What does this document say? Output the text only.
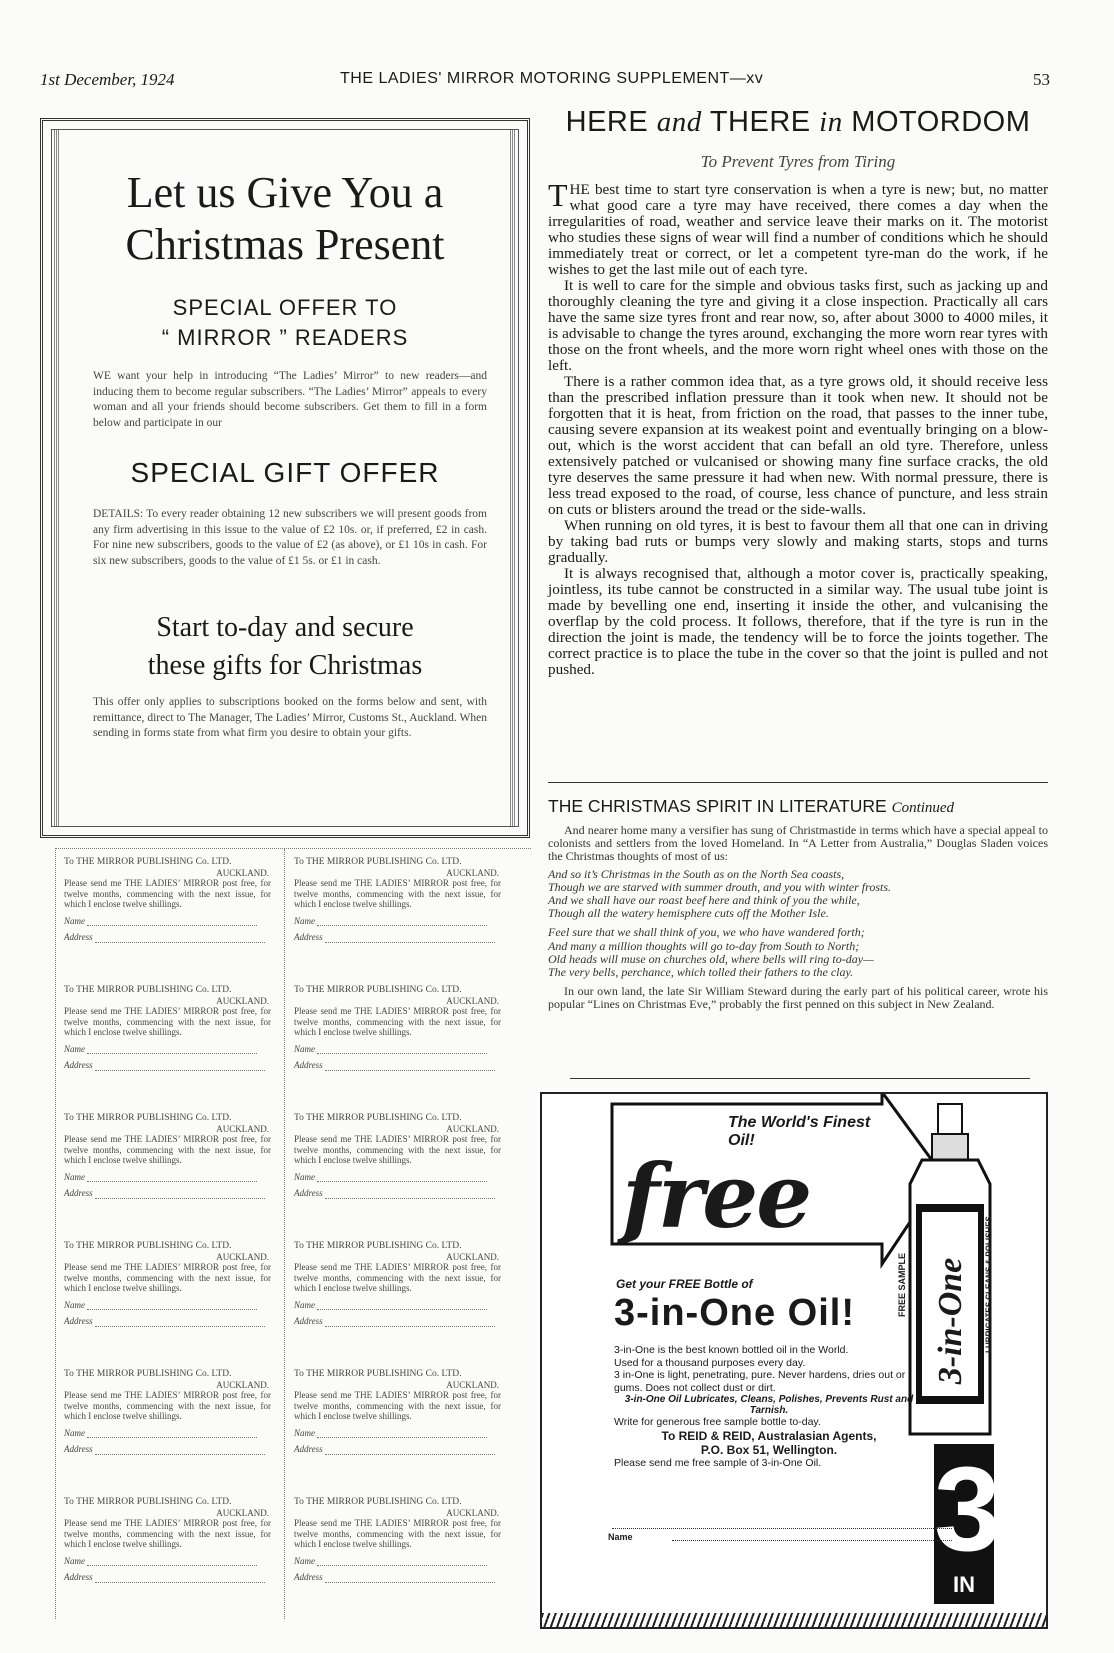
1st December, 1924	THE LADIES' MIRROR MOTORING SUPPLEMENT—xv	53
Let us Give You a Christmas Present
SPECIAL OFFER TO
“ MIRROR ” READERS
WE want your help in introducing “The Ladies’ Mirror” to new readers—and inducing them to become regular subscribers. “The Ladies’ Mirror” appeals to every woman and all your friends should become subscribers. Get them to fill in a form below and participate in our
SPECIAL GIFT OFFER
DETAILS: To every reader obtaining 12 new subscribers we will present goods from any firm advertising in this issue to the value of £2 10s. or, if preferred, £2 in cash. For nine new subscribers, goods to the value of £2 (as above), or £1 10s in cash. For six new subscribers, goods to the value of £1 5s. or £1 in cash.
Start to-day and secure
these gifts for Christmas
This offer only applies to subscriptions booked on the forms below and sent, with remittance, direct to The Manager, The Ladies’ Mirror, Customs St., Auckland. When sending in forms state from what firm you desire to obtain your gifts.
To THE MIRROR PUBLISHING Co. LTD.
AUCKLAND.
Please send me THE LADIES’ MIRROR post free, for twelve months, commencing with the next issue, for which I enclose twelve shillings.
Name
Address
To THE MIRROR PUBLISHING Co. LTD.
AUCKLAND.
Please send me THE LADIES’ MIRROR post free, for twelve months, commencing with the next issue, for which I enclose twelve shillings.
Name
Address
To THE MIRROR PUBLISHING Co. LTD.
AUCKLAND.
Please send me THE LADIES’ MIRROR post free, for twelve months, commencing with the next issue, for which I enclose twelve shillings.
Name
Address
To THE MIRROR PUBLISHING Co. LTD.
AUCKLAND.
Please send me THE LADIES’ MIRROR post free, for twelve months, commencing with the next issue, for which I enclose twelve shillings.
Name
Address
To THE MIRROR PUBLISHING Co. LTD.
AUCKLAND.
Please send me THE LADIES’ MIRROR post free, for twelve months, commencing with the next issue, for which I enclose twelve shillings.
Name
Address
To THE MIRROR PUBLISHING Co. LTD.
AUCKLAND.
Please send me THE LADIES’ MIRROR post free, for twelve months, commencing with the next issue, for which I enclose twelve shillings.
Name
Address
To THE MIRROR PUBLISHING Co. LTD.
AUCKLAND.
Please send me THE LADIES’ MIRROR post free, for twelve months, commencing with the next issue, for which I enclose twelve shillings.
Name
Address
To THE MIRROR PUBLISHING Co. LTD.
AUCKLAND.
Please send me THE LADIES’ MIRROR post free, for twelve months, commencing with the next issue, for which I enclose twelve shillings.
Name
Address
To THE MIRROR PUBLISHING Co. LTD.
AUCKLAND.
Please send me THE LADIES’ MIRROR post free, for twelve months, commencing with the next issue, for which I enclose twelve shillings.
Name
Address
To THE MIRROR PUBLISHING Co. LTD.
AUCKLAND.
Please send me THE LADIES’ MIRROR post free, for twelve months, commencing with the next issue, for which I enclose twelve shillings.
Name
Address
To THE MIRROR PUBLISHING Co. LTD.
AUCKLAND.
Please send me THE LADIES’ MIRROR post free, for twelve months, commencing with the next issue, for which I enclose twelve shillings.
Name
Address
To THE MIRROR PUBLISHING Co. LTD.
AUCKLAND.
Please send me THE LADIES’ MIRROR post free, for twelve months, commencing with the next issue, for which I enclose twelve shillings.
Name
Address
HERE and THERE in MOTORDOM
To Prevent Tyres from Tiring

THE best time to start tyre conservation is when a tyre is new; but, no matter what good care a tyre may have received, there comes a day when the irregularities of road, weather and service leave their marks on it. The motorist who studies these signs of wear will find a number of conditions which he should immediately treat or correct, or let a competent tyre-man do the work, if he wishes to get the last mile out of each tyre.

It is well to care for the simple and obvious tasks first, such as jacking up and thoroughly cleaning the tyre and giving it a close inspection. Practically all cars have the same size tyres front and rear now, so, after about 3000 to 4000 miles, it is advisable to change the tyres around, exchanging the more worn rear tyres with those on the front wheels, and the more worn right wheel ones with those on the left.

There is a rather common idea that, as a tyre grows old, it should receive less than the prescribed inflation pressure than it took when new. It should not be forgotten that it is heat, from friction on the road, that passes to the inner tube, causing severe expansion at its weakest point and eventually bringing on a blow-out, which is the worst accident that can befall an old tyre. Therefore, unless extensively patched or vulcanised or showing many fine surface cracks, the old tyre deserves the same pressure it had when new. With normal pressure, there is less tread exposed to the road, of course, less chance of puncture, and less strain on cuts or blisters around the tread or the side-walls.

When running on old tyres, it is best to favour them all that one can in driving by taking bad ruts or bumps very slowly and making starts, stops and turns gradually.

It is always recognised that, although a motor cover is, practically speaking, jointless, its tube cannot be constructed in a similar way. The usual tube joint is made by bevelling one end, inserting it inside the other, and vulcanising the overflap by the cold process. It follows, therefore, that if the tyre is run in the direction the joint is made, the tendency will be to force the joints together. The correct practice is to place the tube in the cover so that the joint is pulled and not pushed.

THE CHRISTMAS SPIRIT IN LITERATURE Continued

And nearer home many a versifier has sung of Christmastide in terms which have a special appeal to colonists and settlers from the loved Homeland. In “A Letter from Australia,” Douglas Sladen voices the Christmas thoughts of most of us:

And so it’s Christmas in the South as on the North Sea coasts,
Though we are starved with summer drouth, and you with winter frosts.
And we shall have our roast beef here and think of you the while,
Though all the watery hemisphere cuts off the Mother Isle.
Feel sure that we shall think of you, we who have wandered forth;
And many a million thoughts will go to-day from South to North;
Old heads will muse on churches old, where bells will ring to-day—
The very bells, perchance, which tolled their fathers to the clay.

In our own land, the late Sir William Steward during the early part of his political career, wrote his popular “Lines on Christmas Eve,” probably the first penned on this subject in New Zealand.

The World's Finest Oil!
free
3-in-One LUBRICATES CLEANS & POLISHES
FREE SAMPLE
3
IN
Get your FREE Bottle of
3-in-One Oil!
3-in-One is the best known bottled oil in the World.
Used for a thousand purposes every day.
3 in-One is light, penetrating, pure. Never hardens, dries out or gums. Does not collect dust or dirt.
3-in-One Oil Lubricates, Cleans, Polishes, Prevents Rust and Tarnish.
Write for generous free sample bottle to-day.
To REID & REID, Australasian Agents,
P.O. Box 51, Wellington.
Please send me free sample of 3-in-One Oil.
Name
